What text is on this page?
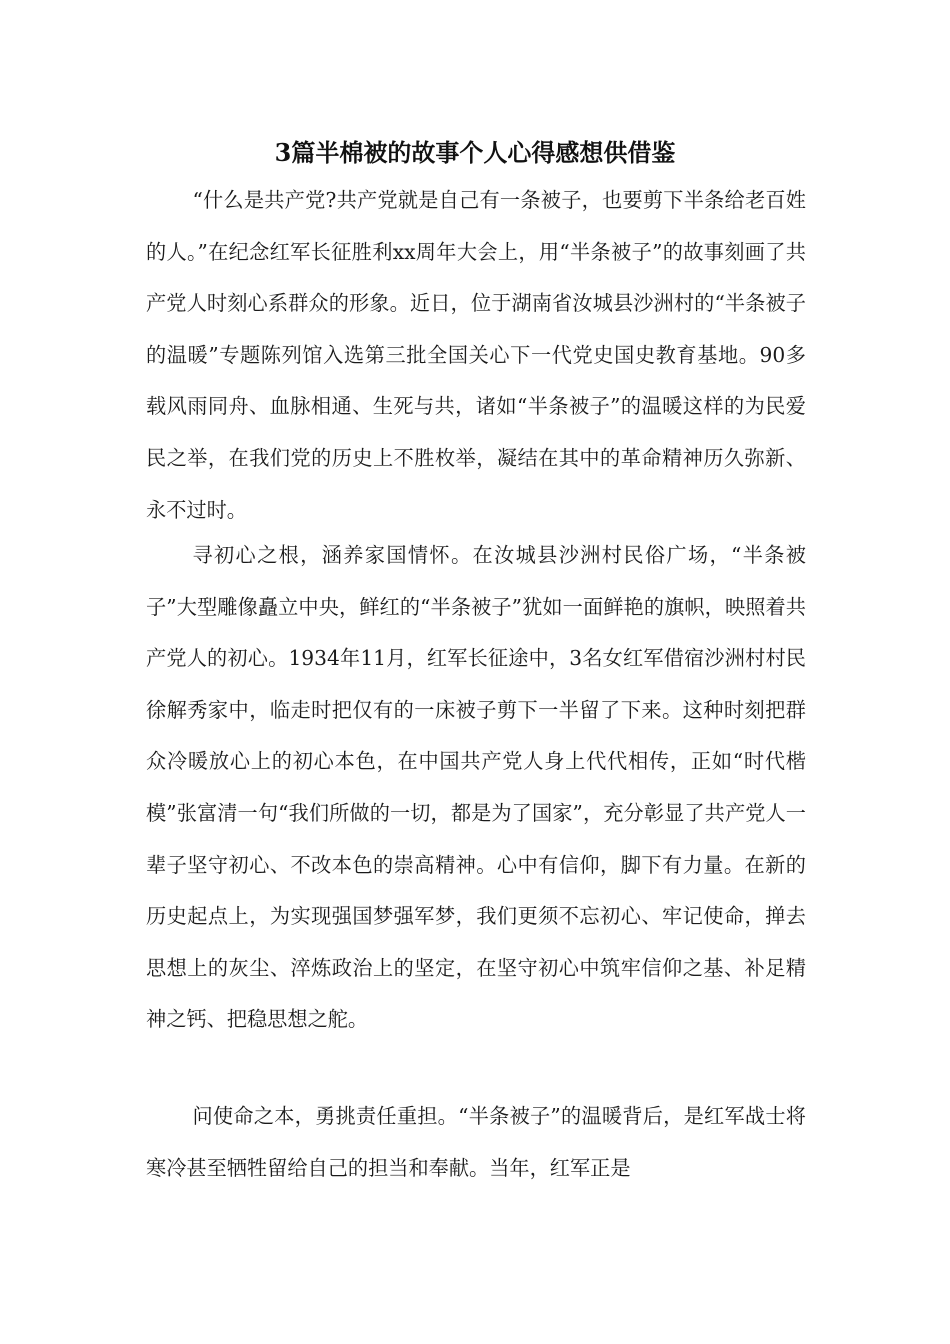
3篇半棉被的故事个人心得感想供借鉴

“什么是共产党?共产党就是自己有一条被子，也要剪下半条给老百姓的人。”在纪念红军长征胜利xx周年大会上，用“半条被子”的故事刻画了共产党人时刻心系群众的形象。近日，位于湖南省汝城县沙洲村的“半条被子的温暖”专题陈列馆入选第三批全国关心下一代党史国史教育基地。90多载风雨同舟、血脉相通、生死与共，诸如“半条被子”的温暖这样的为民爱民之举，在我们党的历史上不胜枚举，凝结在其中的革命精神历久弥新、永不过时。

寻初心之根，涵养家国情怀。在汝城县沙洲村民俗广场，“半条被子”大型雕像矗立中央，鲜红的“半条被子”犹如一面鲜艳的旗帜，映照着共产党人的初心。1934年11月，红军长征途中，3名女红军借宿沙洲村村民徐解秀家中，临走时把仅有的一床被子剪下一半留了下来。这种时刻把群众冷暖放心上的初心本色，在中国共产党人身上代代相传，正如“时代楷模”张富清一句“我们所做的一切，都是为了国家”，充分彰显了共产党人一辈子坚守初心、不改本色的崇高精神。心中有信仰，脚下有力量。在新的历史起点上，为实现强国梦强军梦，我们更须不忘初心、牢记使命，掸去思想上的灰尘、淬炼政治上的坚定，在坚守初心中筑牢信仰之基、补足精神之钙、把稳思想之舵。

问使命之本，勇挑责任重担。“半条被子”的温暖背后，是红军战士将寒冷甚至牺牲留给自己的担当和奉献。当年，红军正是
